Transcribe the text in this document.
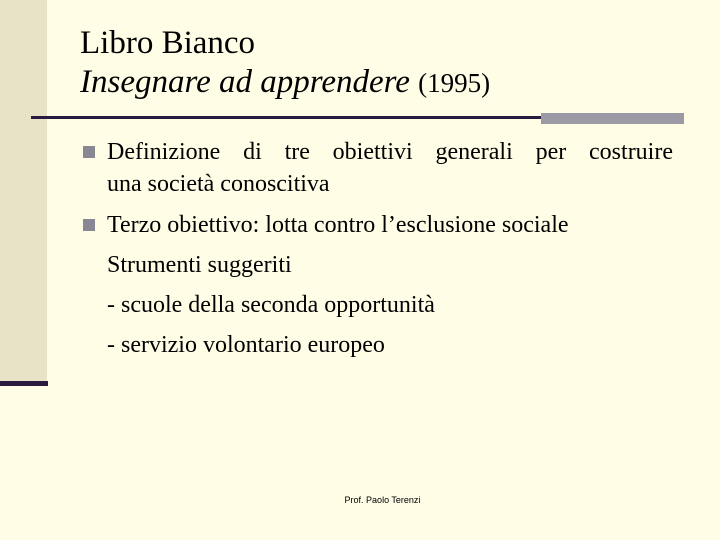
Libro Bianco
Insegnare ad apprendere (1995)
Definizione di tre obiettivi generali per costruire
una società conoscitiva
Terzo obiettivo: lotta contro l’esclusione sociale
Strumenti suggeriti
- scuole della seconda opportunità
- servizio volontario europeo
Prof. Paolo Terenzi
